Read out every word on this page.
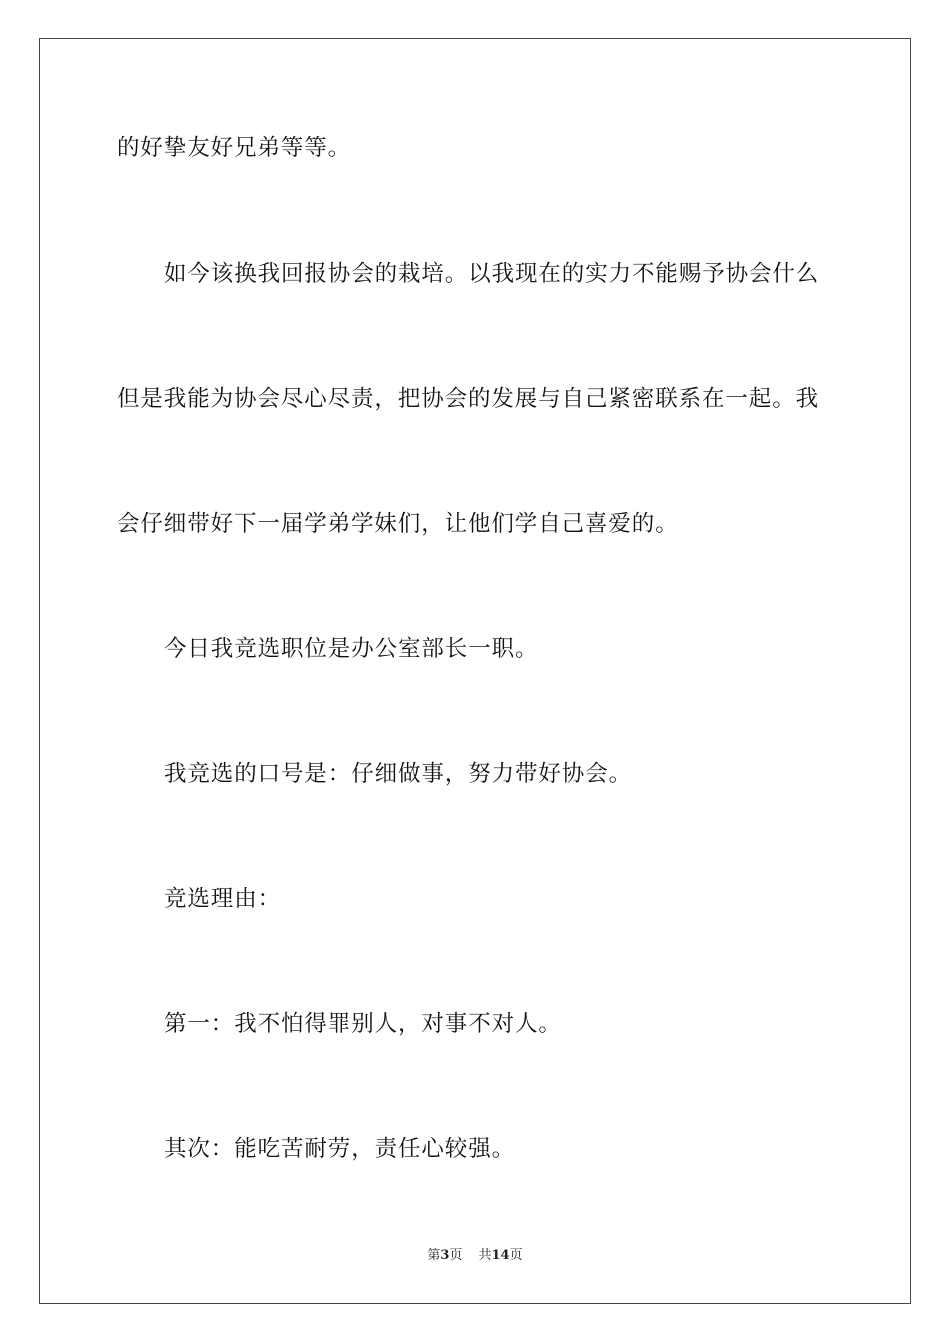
的好挚友好兄弟等等。
如今该换我回报协会的栽培。以我现在的实力不能赐予协会什么
但是我能为协会尽心尽责，把协会的发展与自己紧密联系在一起。我
会仔细带好下一届学弟学妹们，让他们学自己喜爱的。
今日我竞选职位是办公室部长一职。
我竞选的口号是：仔细做事，努力带好协会。
竞选理由：
第一：我不怕得罪别人，对事不对人。
其次：能吃苦耐劳，责任心较强。
第3页 共14页
